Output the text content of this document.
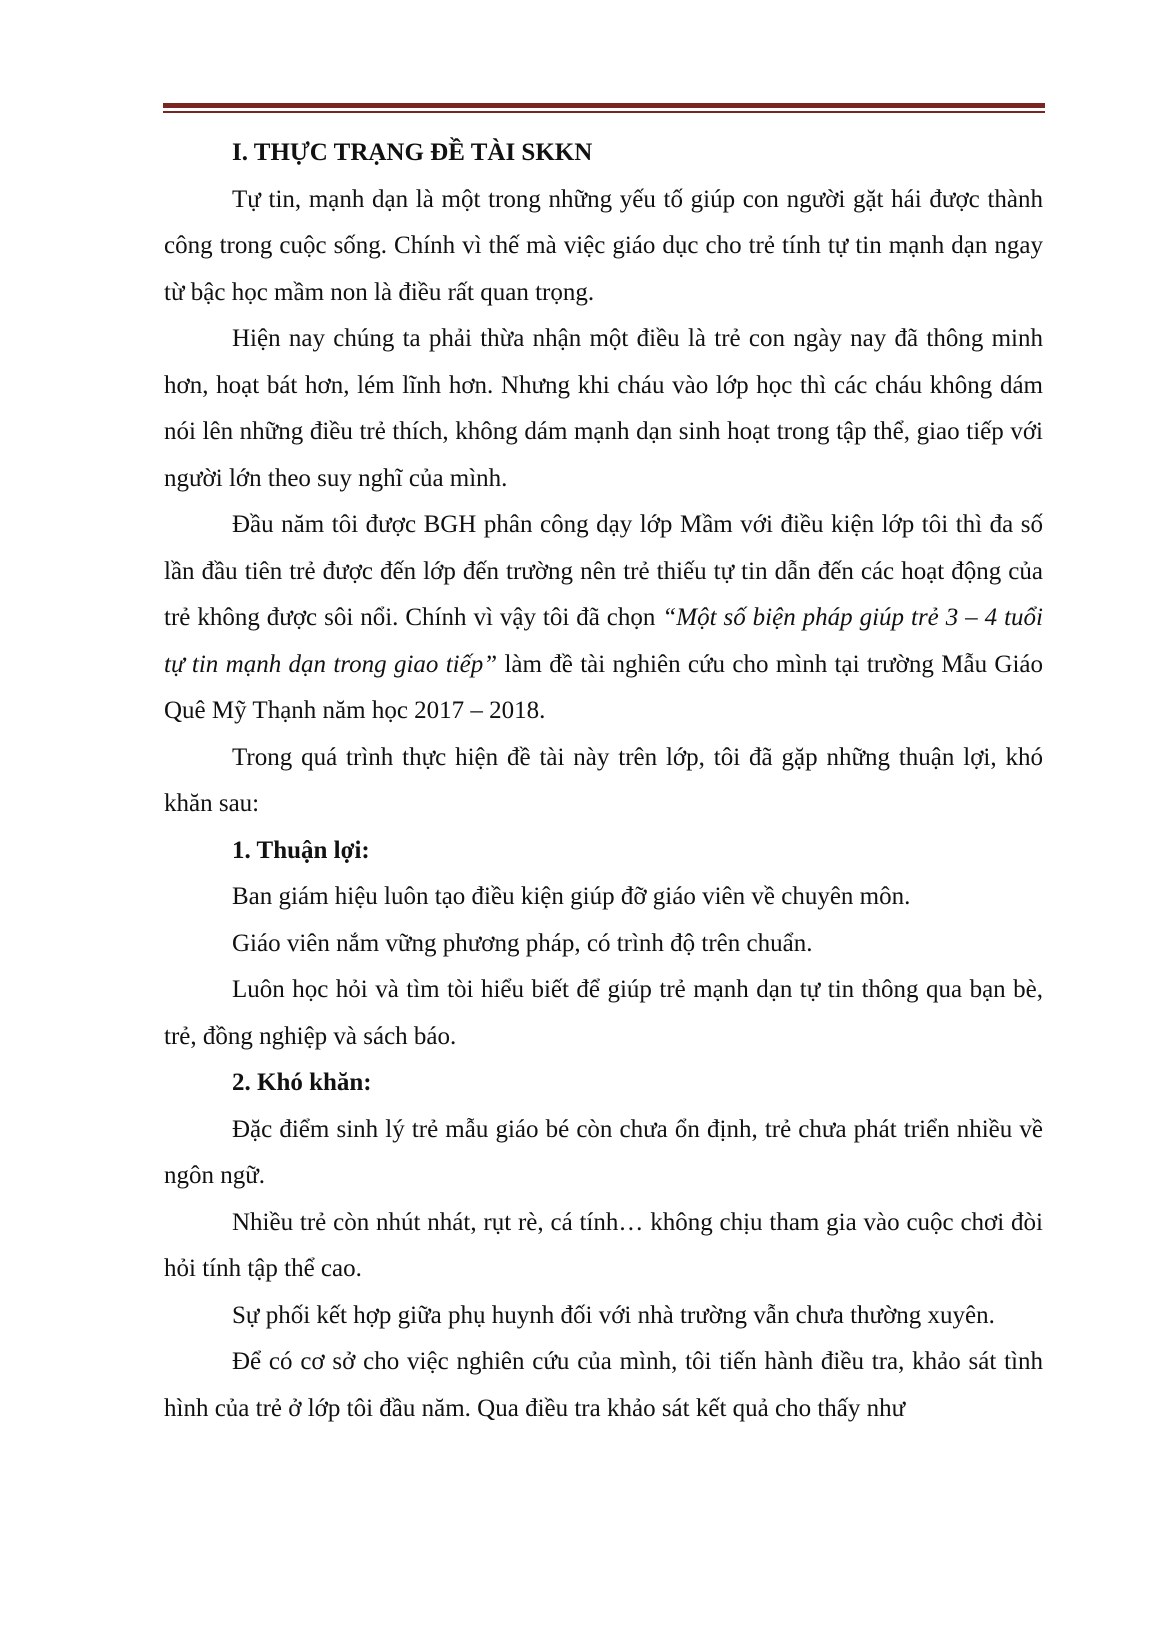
I. THỰC TRẠNG ĐỀ TÀI SKKN

Tự tin, mạnh dạn là một trong những yếu tố giúp con người gặt hái được thành công trong cuộc sống. Chính vì thế mà việc giáo dục cho trẻ tính tự tin mạnh dạn ngay từ bậc học mầm non là điều rất quan trọng.

Hiện nay chúng ta phải thừa nhận một điều là trẻ con ngày nay đã thông minh hơn, hoạt bát hơn, lém lĩnh hơn. Nhưng khi cháu vào lớp học thì các cháu không dám nói lên những điều trẻ thích, không dám mạnh dạn sinh hoạt trong tập thể, giao tiếp với người lớn theo suy nghĩ của mình.

Đầu năm tôi được BGH phân công dạy lớp Mầm với điều kiện lớp tôi thì đa số lần đầu tiên trẻ được đến lớp đến trường nên trẻ thiếu tự tin dẫn đến các hoạt động của trẻ không được sôi nổi. Chính vì vậy tôi đã chọn “Một số biện pháp giúp trẻ 3 – 4 tuổi tự tin mạnh dạn trong giao tiếp” làm đề tài nghiên cứu cho mình tại trường Mẫu Giáo Quê Mỹ Thạnh năm học 2017 – 2018.

Trong quá trình thực hiện đề tài này trên lớp, tôi đã gặp những thuận lợi, khó khăn sau:

1. Thuận lợi:

Ban giám hiệu luôn tạo điều kiện giúp đỡ giáo viên về chuyên môn.

Giáo viên nắm vững phương pháp, có trình độ trên chuẩn.

Luôn học hỏi và tìm tòi hiểu biết để giúp trẻ mạnh dạn tự tin thông qua bạn bè, trẻ, đồng nghiệp và sách báo.

2. Khó khăn:

Đặc điểm sinh lý trẻ mẫu giáo bé còn chưa ổn định, trẻ chưa phát triển nhiều về ngôn ngữ.

Nhiều trẻ còn nhút nhát, rụt rè, cá tính… không chịu tham gia vào cuộc chơi đòi hỏi tính tập thể cao.

Sự phối kết hợp giữa phụ huynh đối với nhà trường vẫn chưa thường xuyên.

Để có cơ sở cho việc nghiên cứu của mình, tôi tiến hành điều tra, khảo sát tình hình của trẻ ở lớp tôi đầu năm. Qua điều tra khảo sát kết quả cho thấy như
